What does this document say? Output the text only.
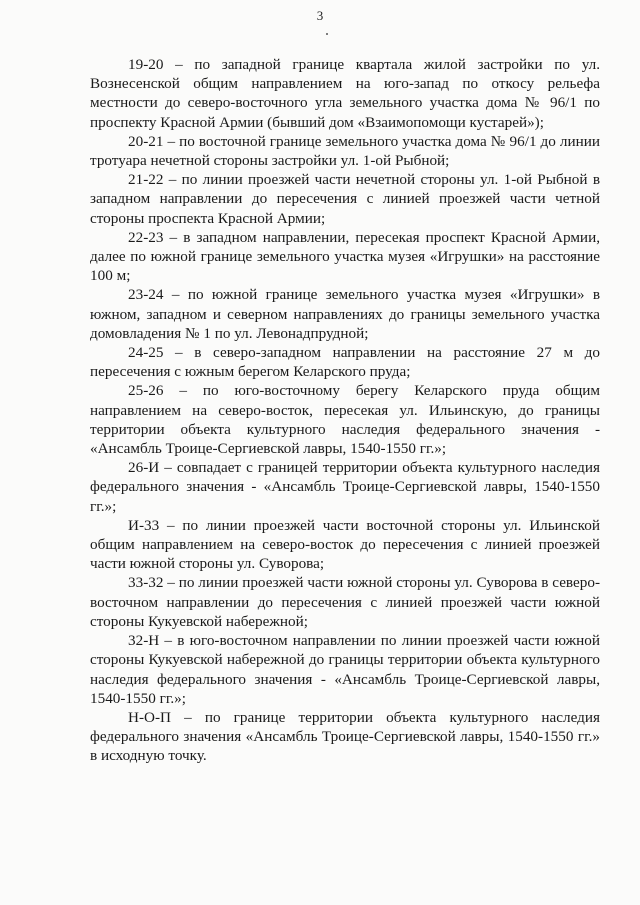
3

19-20 – по западной границе квартала жилой застройки по ул. Вознесенской общим направлением на юго-запад по откосу рельефа местности до северо-восточного угла земельного участка дома № 96/1 по проспекту Красной Армии (бывший дом «Взаимопомощи кустарей»);

20-21 – по восточной границе земельного участка дома № 96/1 до линии тротуара нечетной стороны застройки ул. 1-ой Рыбной;

21-22 – по линии проезжей части нечетной стороны ул. 1-ой Рыбной в западном направлении до пересечения с линией проезжей части четной стороны проспекта Красной Армии;

22-23 – в западном направлении, пересекая проспект Красной Армии, далее по южной границе земельного участка музея «Игрушки» на расстояние 100 м;

23-24 – по южной границе земельного участка музея «Игрушки» в южном, западном и северном направлениях до границы земельного участка домовладения № 1 по ул. Левонадпрудной;

24-25 – в северо-западном направлении на расстояние 27 м до пересечения с южным берегом Келарского пруда;

25-26 – по юго-восточному берегу Келарского пруда общим направлением на северо-восток, пересекая ул. Ильинскую, до границы территории объекта культурного наследия федерального значения - «Ансамбль Троице-Сергиевской лавры, 1540-1550 гг.»;

26-И – совпадает с границей территории объекта культурного наследия федерального значения - «Ансамбль Троице-Сергиевской лавры, 1540-1550 гг.»;

И-33 – по линии проезжей части восточной стороны ул. Ильинской общим направлением на северо-восток до пересечения с линией проезжей части южной стороны ул. Суворова;

33-32 – по линии проезжей части южной стороны ул. Суворова в северо-восточном направлении до пересечения с линией проезжей части южной стороны Кукуевской набережной;

32-Н – в юго-восточном направлении по линии проезжей части южной стороны Кукуевской набережной до границы территории объекта культурного наследия федерального значения - «Ансамбль Троице-Сергиевской лавры, 1540-1550 гг.»;

Н-О-П – по границе территории объекта культурного наследия федерального значения «Ансамбль Троице-Сергиевской лавры, 1540-1550 гг.» в исходную точку.
